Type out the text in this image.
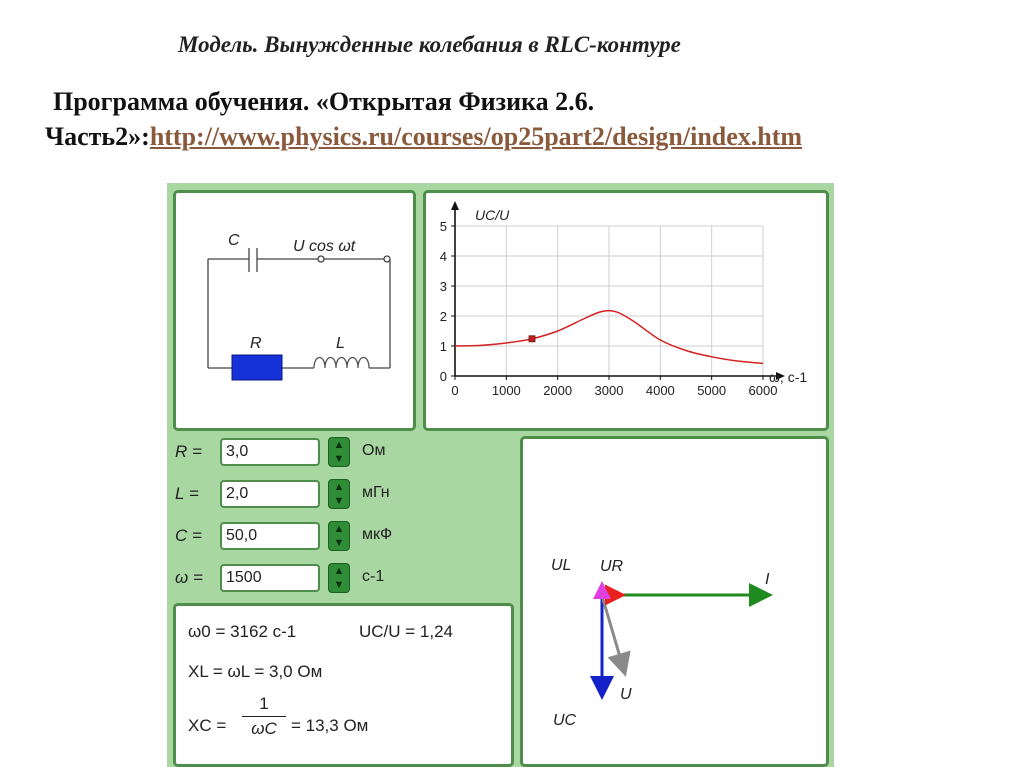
Модель. Вынужденные колебания в RLC-контуре
Программа обучения. «Открытая Физика 2.6.
Часть2»:http://www.physics.ru/courses/op25part2/design/index.htm
C	U cos ωt
R	L
0	1000 2000 3000 4000 5000 6000
0
1
2
3
4
5
UC/U
ω, с-1
R =
3,0	▲
▼ Ом
L =
2,0	▲
▼ мГн
C =
50,0	▲
▼ мкФ
ω =
1500	▲
▼ с-1
ω0 = 3162 с-1	UC/U = 1,24
XL = ωL = 3,0 Ом
XC =
1
ωC = 13,3 Ом
UL UR
I
U
UC
